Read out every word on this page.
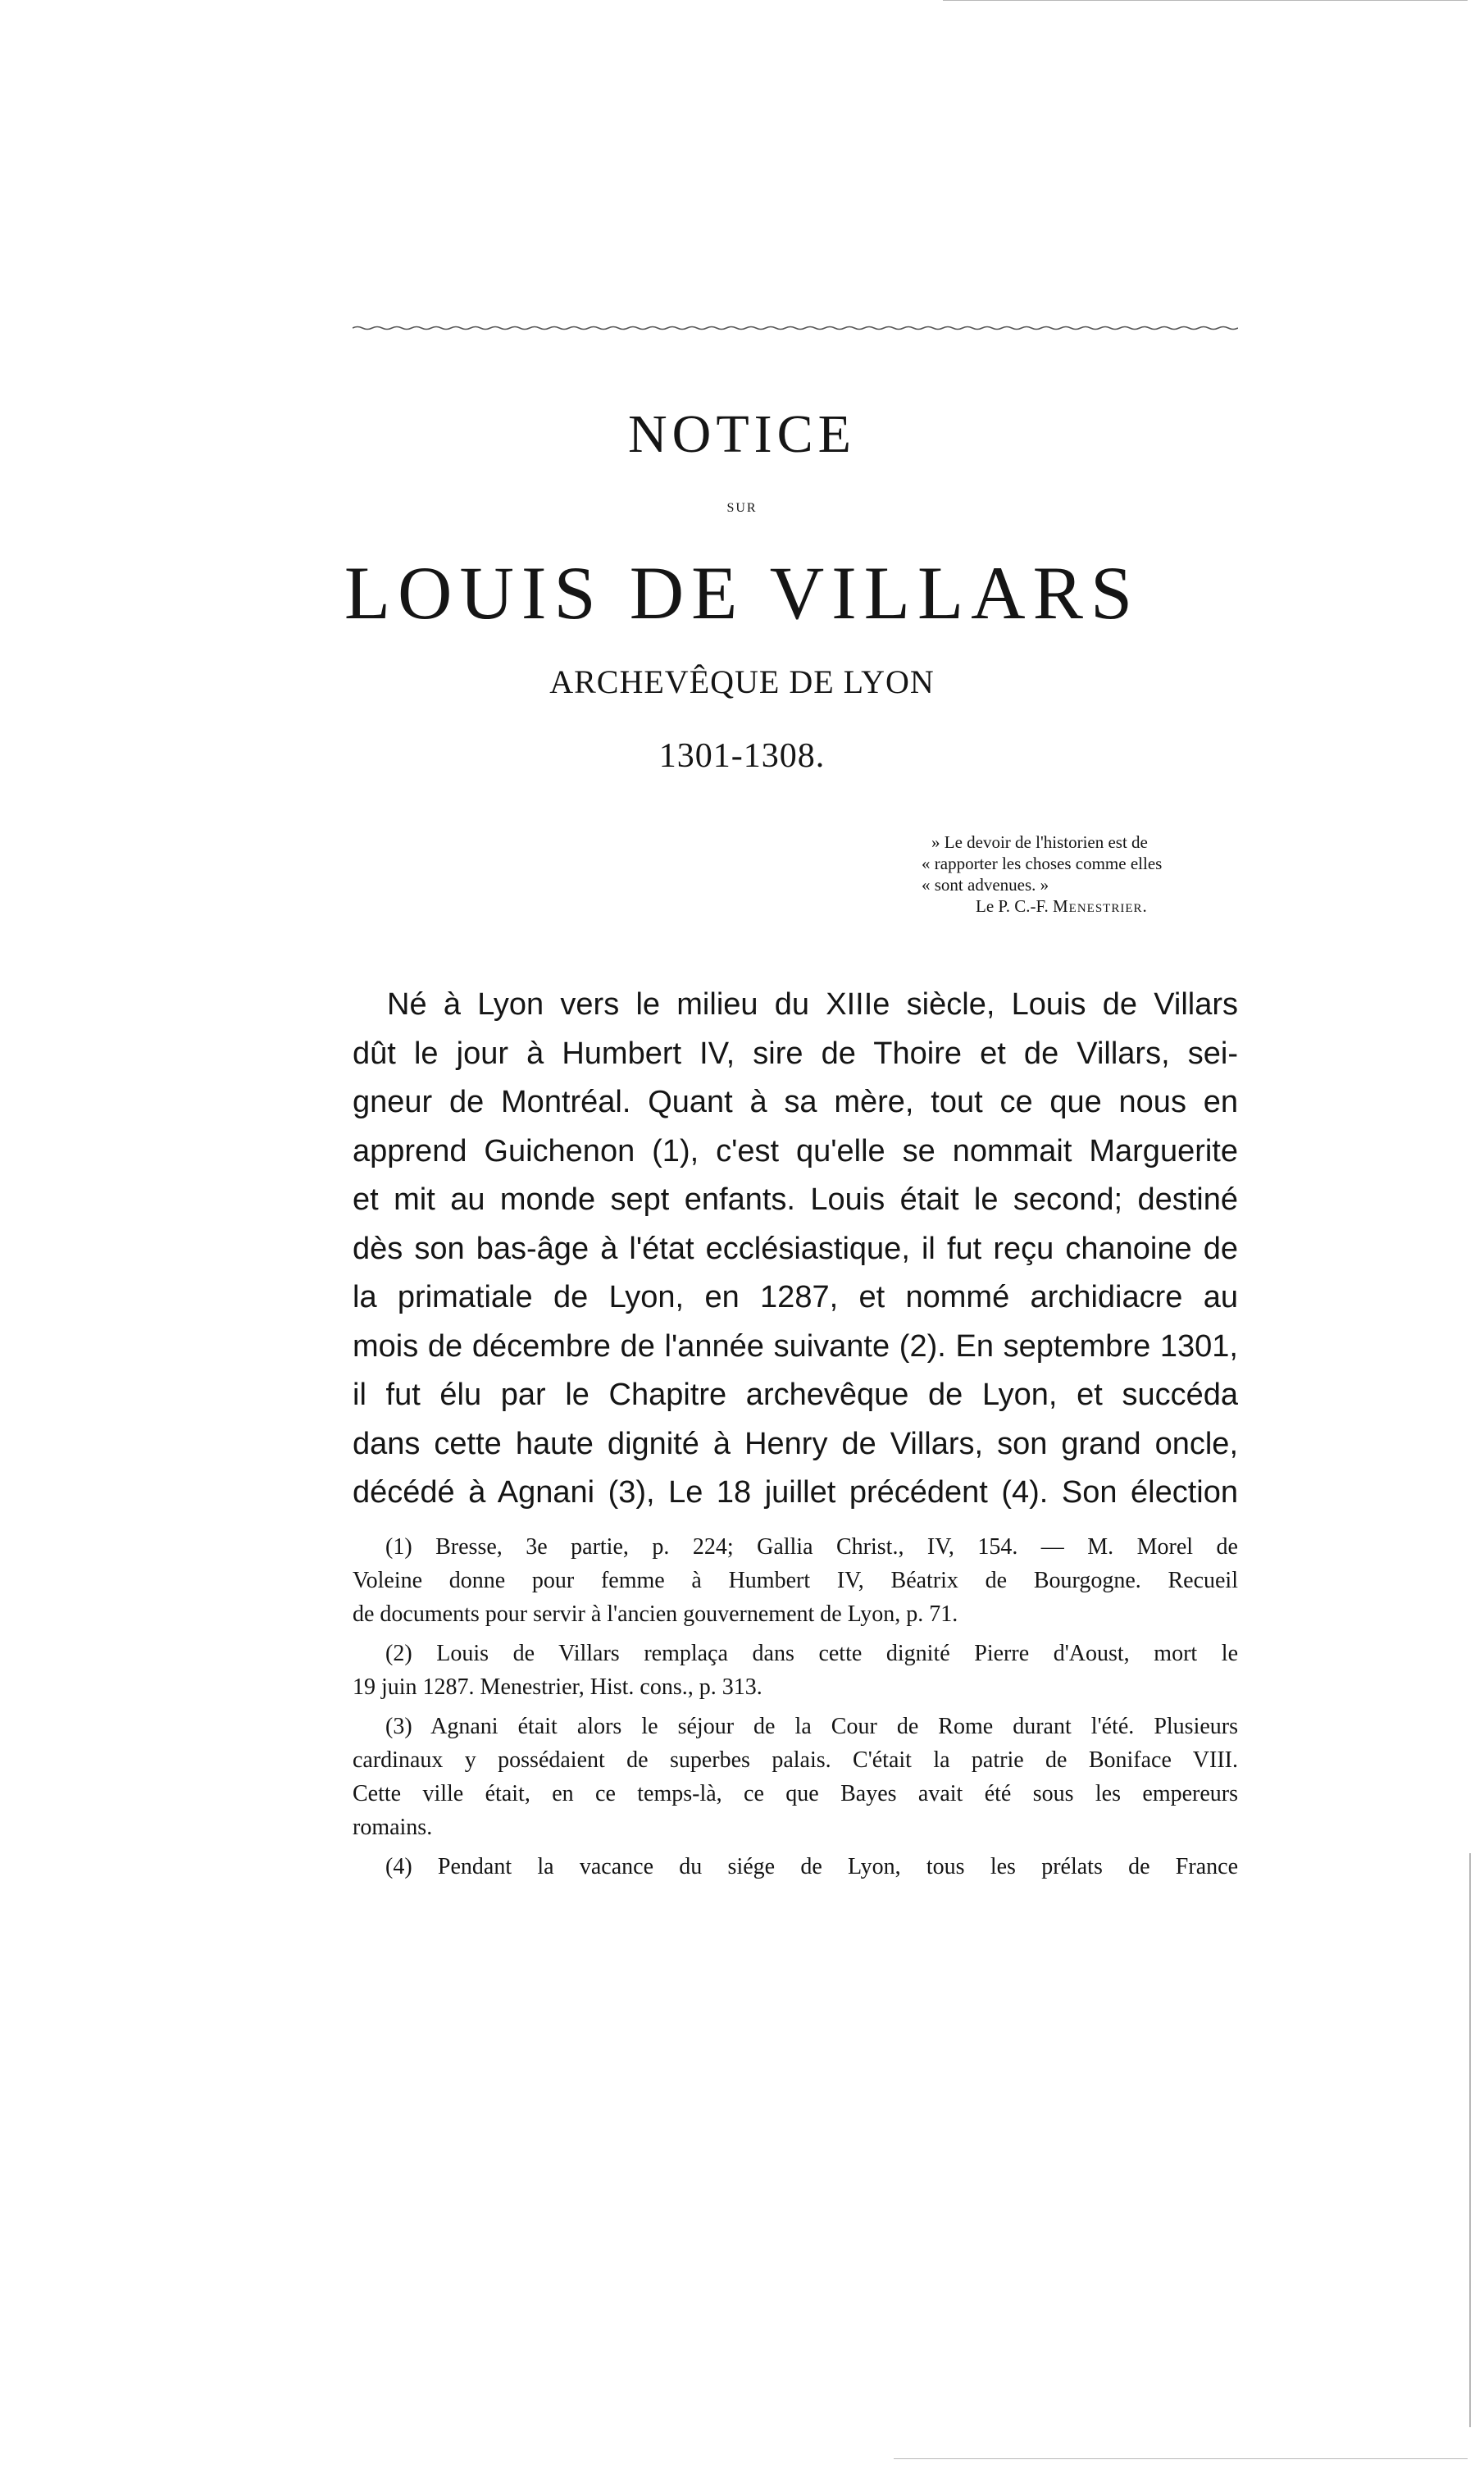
NOTICE
SUR
LOUIS DE VILLARS
ARCHEVÊQUE DE LYON
1301-1308.
» Le devoir de l'historien est de
« rapporter les choses comme elles
« sont advenues. »
Le P. C.-F. Menestrier.
Né à Lyon vers le milieu du XIIIe siècle, Louis de Villars
dût le jour à Humbert IV, sire de Thoire et de Villars, sei-
gneur de Montréal. Quant à sa mère, tout ce que nous en
apprend Guichenon (1), c'est qu'elle se nommait Marguerite
et mit au monde sept enfants. Louis était le second; destiné
dès son bas-âge à l'état ecclésiastique, il fut reçu chanoine de
la primatiale de Lyon, en 1287, et nommé archidiacre au
mois de décembre de l'année suivante (2). En septembre 1301,
il fut élu par le Chapitre archevêque de Lyon, et succéda
dans cette haute dignité à Henry de Villars, son grand oncle,
décédé à Agnani (3), Le 18 juillet précédent (4). Son élection
(1) Bresse, 3e partie, p. 224; Gallia Christ., IV, 154. — M. Morel de
Voleine donne pour femme à Humbert IV, Béatrix de Bourgogne. Recueil
de documents pour servir à l'ancien gouvernement de Lyon, p. 71.
(2) Louis de Villars remplaça dans cette dignité Pierre d'Aoust, mort le
19 juin 1287. Menestrier, Hist. cons., p. 313.
(3) Agnani était alors le séjour de la Cour de Rome durant l'été. Plusieurs
cardinaux y possédaient de superbes palais. C'était la patrie de Boniface VIII.
Cette ville était, en ce temps-là, ce que Bayes avait été sous les empereurs
romains.
(4) Pendant la vacance du siége de Lyon, tous les prélats de France
